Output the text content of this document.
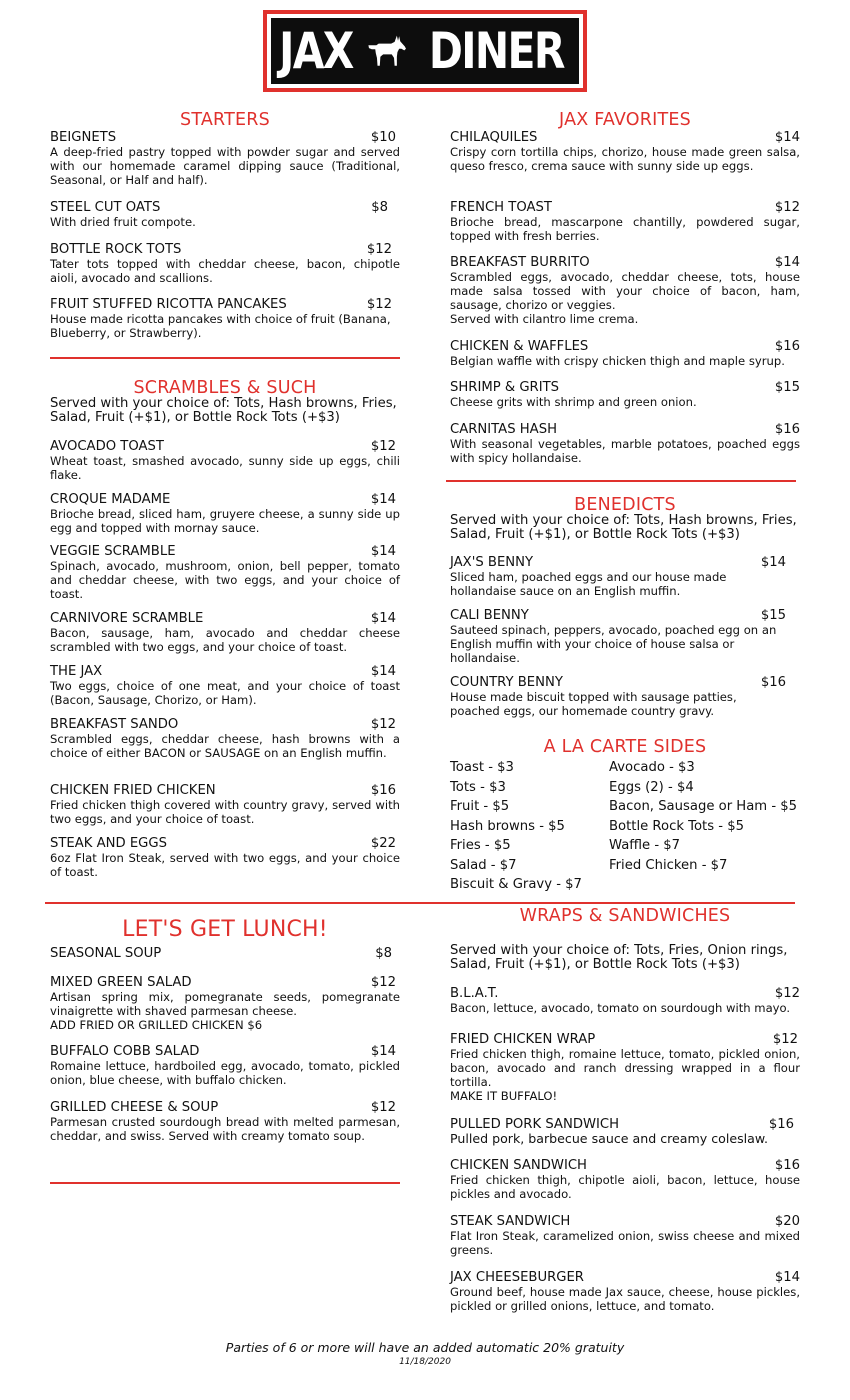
JAX DINER
STARTERS
BEIGNETS	$10
A deep-fried pastry topped with powder sugar and served with our homemade caramel dipping sauce (Traditional, Seasonal, or Half and half).
STEEL CUT OATS	$8
With dried fruit compote.
BOTTLE ROCK TOTS	$12
Tater tots topped with cheddar cheese, bacon, chipotle aioli, avocado and scallions.
FRUIT STUFFED RICOTTA PANCAKES	$12
House made ricotta pancakes with choice of fruit (Banana, Blueberry, or Strawberry).
SCRAMBLES & SUCH
Served with your choice of: Tots, Hash browns, Fries, Salad, Fruit (+$1), or Bottle Rock Tots (+$3)
AVOCADO TOAST	$12
Wheat toast, smashed avocado, sunny side up eggs, chili flake.
CROQUE MADAME	$14
Brioche bread, sliced ham, gruyere cheese, a sunny side up egg and topped with mornay sauce.
VEGGIE SCRAMBLE	$14
Spinach, avocado, mushroom, onion, bell pepper, tomato and cheddar cheese, with two eggs, and your choice of toast.
CARNIVORE SCRAMBLE	$14
Bacon, sausage, ham, avocado and cheddar cheese scrambled with two eggs, and your choice of toast.
THE JAX	$14
Two eggs, choice of one meat, and your choice of toast (Bacon, Sausage, Chorizo, or Ham).
BREAKFAST SANDO	$12
Scrambled eggs, cheddar cheese, hash browns with a choice of either BACON or SAUSAGE on an English muffin.
CHICKEN FRIED CHICKEN	$16
Fried chicken thigh covered with country gravy, served with two eggs, and your choice of toast.
STEAK AND EGGS	$22
6oz Flat Iron Steak, served with two eggs, and your choice of toast.
LET'S GET LUNCH!
SEASONAL SOUP	$8
MIXED GREEN SALAD	$12
Artisan spring mix, pomegranate seeds, pomegranate vinaigrette with shaved parmesan cheese.
ADD FRIED OR GRILLED CHICKEN $6
BUFFALO COBB SALAD	$14
Romaine lettuce, hardboiled egg, avocado, tomato, pickled onion, blue cheese, with buffalo chicken.
GRILLED CHEESE & SOUP	$12
Parmesan crusted sourdough bread with melted parmesan, cheddar, and swiss. Served with creamy tomato soup.
JAX FAVORITES
CHILAQUILES	$14
Crispy corn tortilla chips, chorizo, house made green salsa, queso fresco, crema sauce with sunny side up eggs.
FRENCH TOAST	$12
Brioche bread, mascarpone chantilly, powdered sugar, topped with fresh berries.
BREAKFAST BURRITO	$14
Scrambled eggs, avocado, cheddar cheese, tots, house made salsa tossed with your choice of bacon, ham, sausage, chorizo or veggies.
Served with cilantro lime crema.
CHICKEN & WAFFLES	$16
Belgian waffle with crispy chicken thigh and maple syrup.
SHRIMP & GRITS	$15
Cheese grits with shrimp and green onion.
CARNITAS HASH	$16
With seasonal vegetables, marble potatoes, poached eggs with spicy hollandaise.
BENEDICTS
Served with your choice of: Tots, Hash browns, Fries, Salad, Fruit (+$1), or Bottle Rock Tots (+$3)
JAX'S BENNY	$14
Sliced ham, poached eggs and our house made hollandaise sauce on an English muffin.
CALI BENNY	$15
Sauteed spinach, peppers, avocado, poached egg on an English muffin with your choice of house salsa or hollandaise.
COUNTRY BENNY	$16
House made biscuit topped with sausage patties, poached eggs, our homemade country gravy.
A LA CARTE SIDES
Toast - $3
Tots - $3
Fruit - $5
Hash browns - $5
Fries - $5
Salad - $7
Biscuit & Gravy - $7
Avocado - $3
Eggs (2) - $4
Bacon, Sausage or Ham - $5
Bottle Rock Tots - $5
Waffle - $7
Fried Chicken - $7
WRAPS & SANDWICHES
Served with your choice of: Tots, Fries, Onion rings, Salad, Fruit (+$1), or Bottle Rock Tots (+$3)
B.L.A.T.	$12
Bacon, lettuce, avocado, tomato on sourdough with mayo.
FRIED CHICKEN WRAP	$12
Fried chicken thigh, romaine lettuce, tomato, pickled onion, bacon, avocado and ranch dressing wrapped in a flour tortilla.
MAKE IT BUFFALO!
PULLED PORK SANDWICH	$16
Pulled pork, barbecue sauce and creamy coleslaw.
CHICKEN SANDWICH	$16
Fried chicken thigh, chipotle aioli, bacon, lettuce, house pickles and avocado.
STEAK SANDWICH	$20
Flat Iron Steak, caramelized onion, swiss cheese and mixed greens.
JAX CHEESEBURGER	$14
Ground beef, house made Jax sauce, cheese, house pickles, pickled or grilled onions, lettuce, and tomato.
Parties of 6 or more will have an added automatic 20% gratuity
11/18/2020
